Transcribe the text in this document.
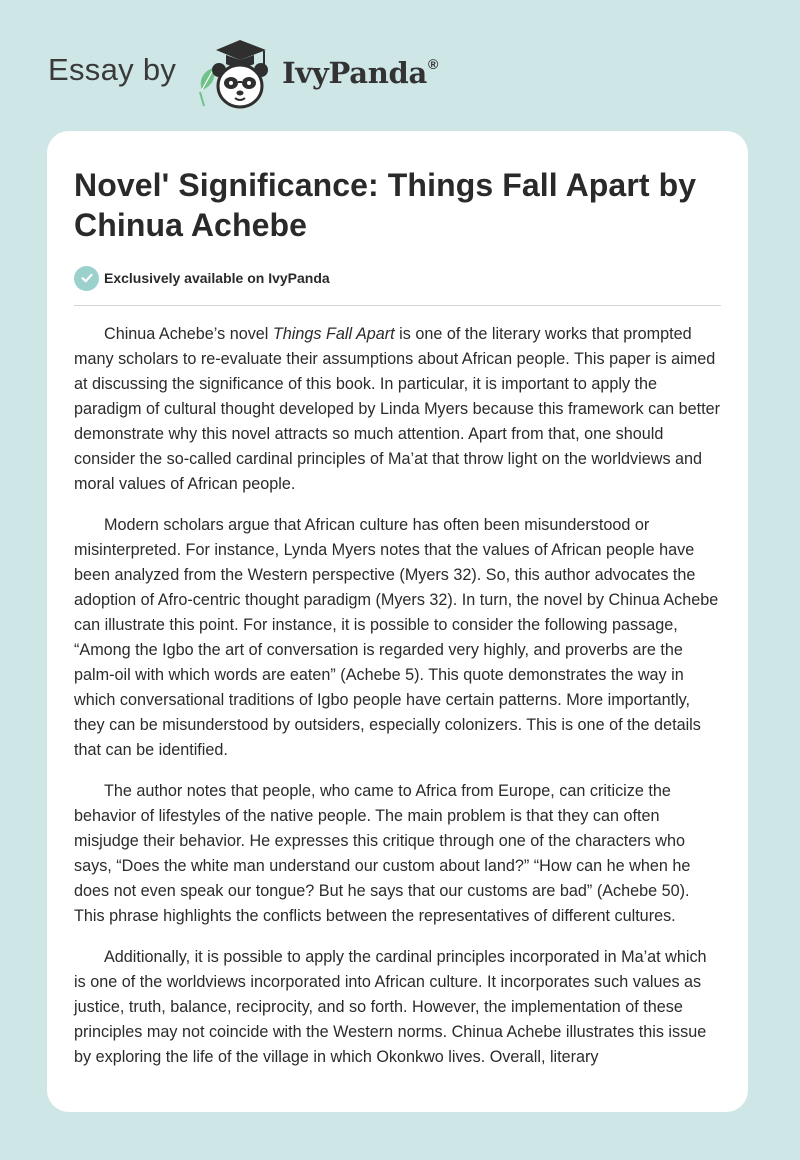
Essay by	IvyPanda®
Novel' Significance: Things Fall Apart by Chinua Achebe
Exclusively available on IvyPanda

Chinua Achebe’s novel Things Fall Apart is one of the literary works that prompted many scholars to re-evaluate their assumptions about African people. This paper is aimed at discussing the significance of this book. In particular, it is important to apply the paradigm of cultural thought developed by Linda Myers because this framework can better demonstrate why this novel attracts so much attention. Apart from that, one should consider the so-called cardinal principles of Ma’at that throw light on the worldviews and moral values of African people.

Modern scholars argue that African culture has often been misunderstood or misinterpreted. For instance, Lynda Myers notes that the values of African people have been analyzed from the Western perspective (Myers 32). So, this author advocates the adoption of Afro-centric thought paradigm (Myers 32). In turn, the novel by Chinua Achebe can illustrate this point. For instance, it is possible to consider the following passage, “Among the Igbo the art of conversation is regarded very highly, and proverbs are the palm-oil with which words are eaten” (Achebe 5). This quote demonstrates the way in which conversational traditions of Igbo people have certain patterns. More importantly, they can be misunderstood by outsiders, especially colonizers. This is one of the details that can be identified.

The author notes that people, who came to Africa from Europe, can criticize the behavior of lifestyles of the native people. The main problem is that they can often misjudge their behavior. He expresses this critique through one of the characters who says, “Does the white man understand our custom about land?” “How can he when he does not even speak our tongue? But he says that our customs are bad” (Achebe 50). This phrase highlights the conflicts between the representatives of different cultures.

Additionally, it is possible to apply the cardinal principles incorporated in Ma’at which is one of the worldviews incorporated into African culture. It incorporates such values as justice, truth, balance, reciprocity, and so forth. However, the implementation of these principles may not coincide with the Western norms. Chinua Achebe illustrates this issue by exploring the life of the village in which Okonkwo lives. Overall, literary
